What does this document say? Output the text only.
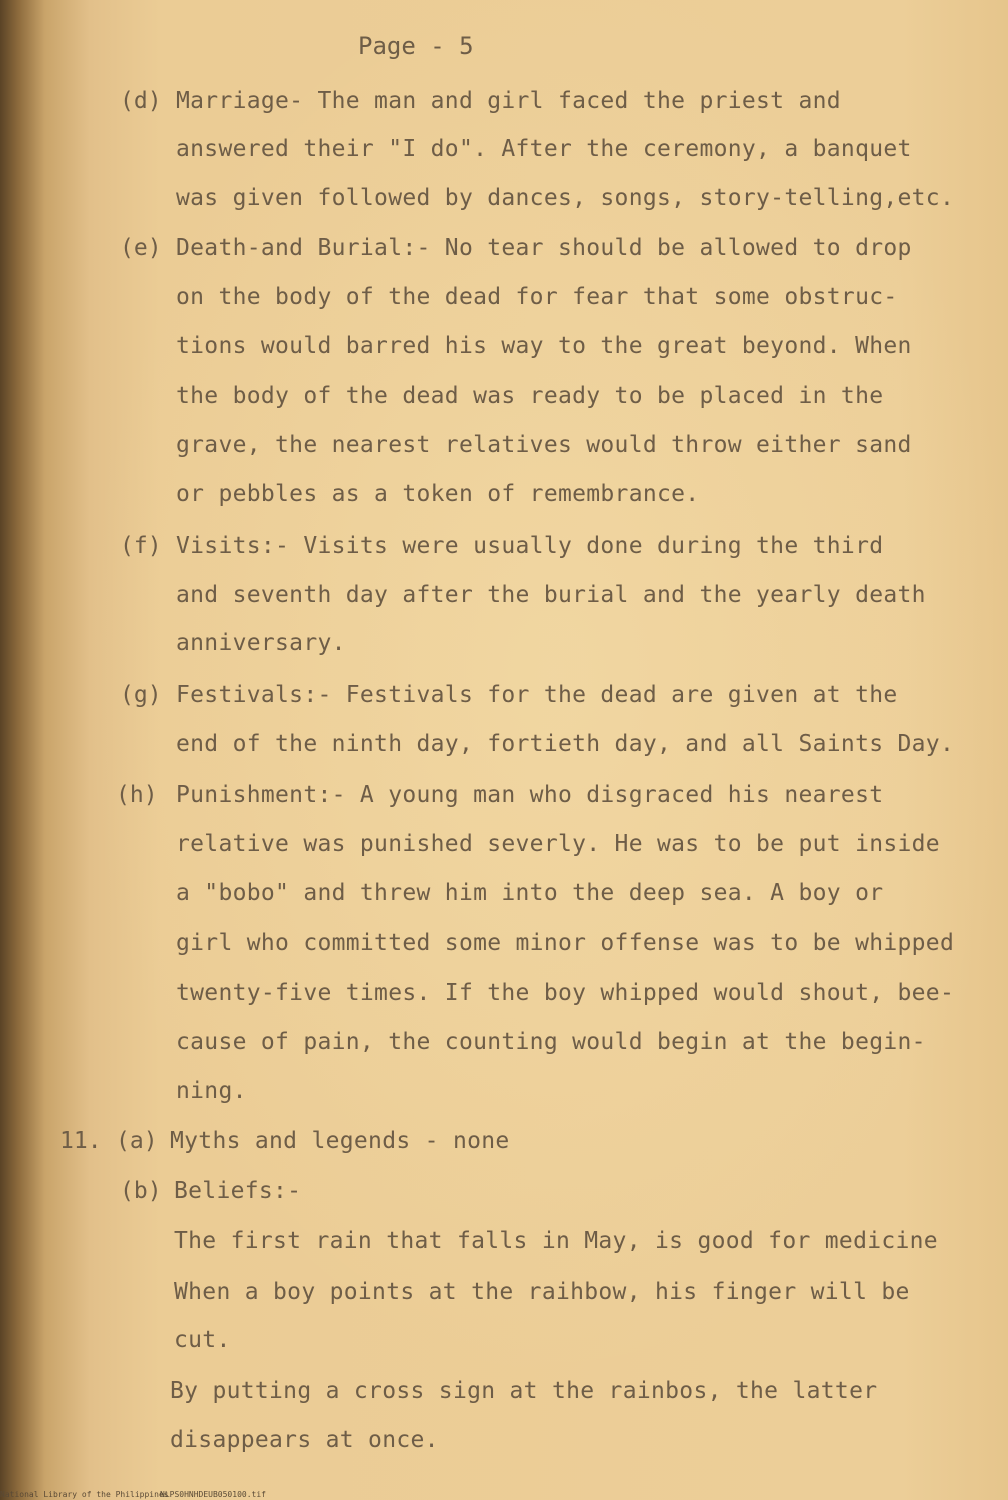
Page - 5
(d) Marriage- The man and girl faced the priest and
answered their "I do". After the ceremony, a banquet
was given followed by dances, songs, story-telling,etc.
(e) Death-and Burial:- No tear should be allowed to drop
on the body of the dead for fear that some obstruc-
tions would barred his way to the great beyond. When
the body of the dead was ready to be placed in the
grave, the nearest relatives would throw either sand
or pebbles as a token of remembrance.
(f) Visits:- Visits were usually done during the third
and seventh day after the burial and the yearly death
anniversary.
(g) Festivals:- Festivals for the dead are given at the
end of the ninth day, fortieth day, and all Saints Day.
(h) Punishment:- A young man who disgraced his nearest
relative was punished severly. He was to be put inside
a "bobo" and threw him into the deep sea. A boy or
girl who committed some minor offense was to be whipped
twenty-five times. If the boy whipped would shout, bee-
cause of pain, the counting would begin at the begin-
ning.
11. (a) Myths and legends - none
(b) Beliefs:-
The first rain that falls in May, is good for medicine
When a boy points at the raihbow, his finger will be
cut.
By putting a cross sign at the rainbos, the latter
disappears at once.
National Library of the Philippines
NLPS0HNHDEUB050100.tif
